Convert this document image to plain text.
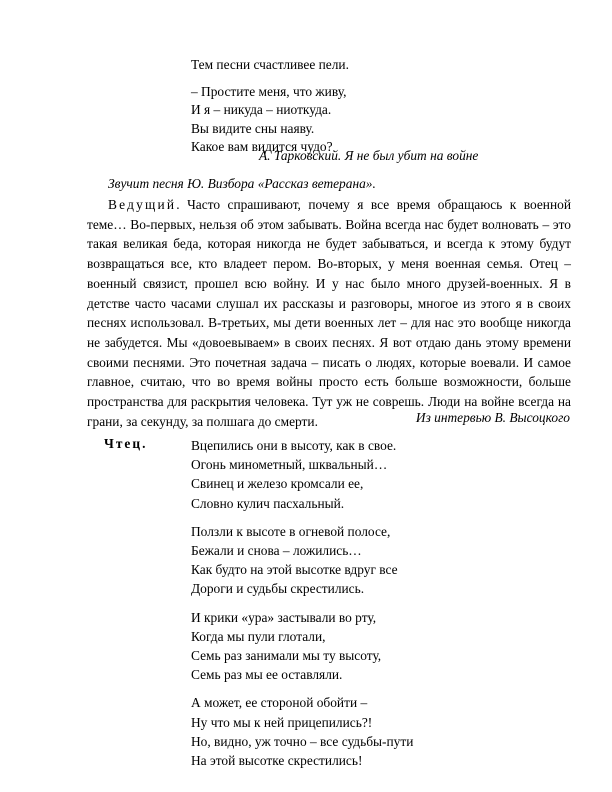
Тем песни счастливее пели.
– Простите меня, что живу,
И я – никуда – ниоткуда.
Вы видите сны наяву.
Какое вам видится чудо?
А. Тарковский. Я не был убит на войне
Звучит песня Ю. Визбора «Рассказ ветерана».
Ведущий. Часто спрашивают, почему я все время обращаюсь к военной теме… Во-первых, нельзя об этом забывать. Война всегда нас будет волновать – это такая великая беда, которая никогда не будет забываться, и всегда к этому будут возвращаться все, кто владеет пером. Во-вторых, у меня военная семья. Отец – военный связист, прошел всю войну. И у нас было много друзей-военных. Я в детстве часто часами слушал их рассказы и разговоры, многое из этого я в своих песнях использовал. В-третьих, мы дети военных лет – для нас это вообще никогда не забудется. Мы «довоевываем» в своих песнях. Я вот отдаю дань этому времени своими песнями. Это почетная задача – писать о людях, которые воевали. И самое главное, считаю, что во время войны просто есть больше возможности, больше пространства для раскрытия человека. Тут уж не соврешь. Люди на войне всегда на грани, за секунду, за полшага до смерти.	Из интервью В. Высоцкого
Чтец.	Вцепились они в высоту, как в свое.
Огонь минометный, шквальный…
Свинец и железо кромсали ее,
Словно кулич пасхальный.
Ползли к высоте в огневой полосе,
Бежали и снова – ложились…
Как будто на этой высотке вдруг все
Дороги и судьбы скрестились.
И крики «ура» застывали во рту,
Когда мы пули глотали,
Семь раз занимали мы ту высоту,
Семь раз мы ее оставляли.
А может, ее стороной обойти –
Ну что мы к ней прицепились?!
Но, видно, уж точно – все судьбы-пути
На этой высотке скрестились!
